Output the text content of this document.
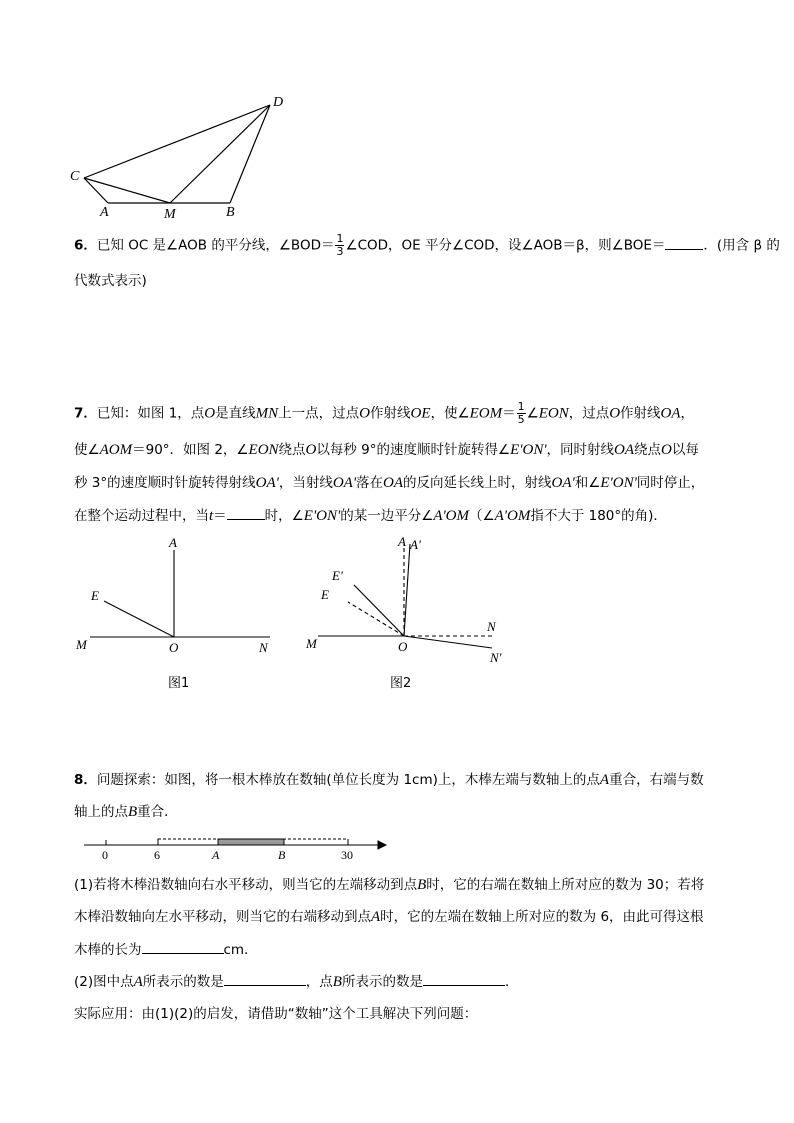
C
D
A	M	B
6．已知 OC 是∠AOB 的平分线，∠BOD＝ $\frac{1}{3}$ ∠COD，OE 平分∠COD，设∠AOB＝β，则∠BOE＝	．(用含 β 的
代数式表示)
7．已知：如图 1，点O是直线MN上一点，过点O作射线OE，使∠EOM＝ $\frac{1}{5}$ ∠EON，过点O作射线OA，
使∠AOM＝90°．如图 2，∠EON绕点O以每秒 9°的速度顺时针旋转得∠E'ON'，同时射线OA绕点O以每
秒 3°的速度顺时针旋转得射线OA'，当射线OA'落在OA的反向延长线上时，射线OA'和∠E'ON'同时停止，
在整个运动过程中，当t＝	时，∠E'ON'的某一边平分∠A'OM（∠A'OM指不大于 180°的角)．
A
E
M	O	N
图1
A A'
E'
E
N
M	O
N'
图2
8．问题探索：如图，将一根木棒放在数轴(单位长度为 1cm)上，木棒左端与数轴上的点A重合，右端与数
轴上的点B重合．
0	6	A	B	30
(1)若将木棒沿数轴向右水平移动，则当它的左端移动到点B时，它的右端在数轴上所对应的数为 30；若将
木棒沿数轴向左水平移动，则当它的右端移动到点A时，它的左端在数轴上所对应的数为 6，由此可得这根
木棒的长为	cm．
(2)图中点A所表示的数是	，点B所表示的数是	．
实际应用：由(1)(2)的启发，请借助“数轴”这个工具解决下列问题：
